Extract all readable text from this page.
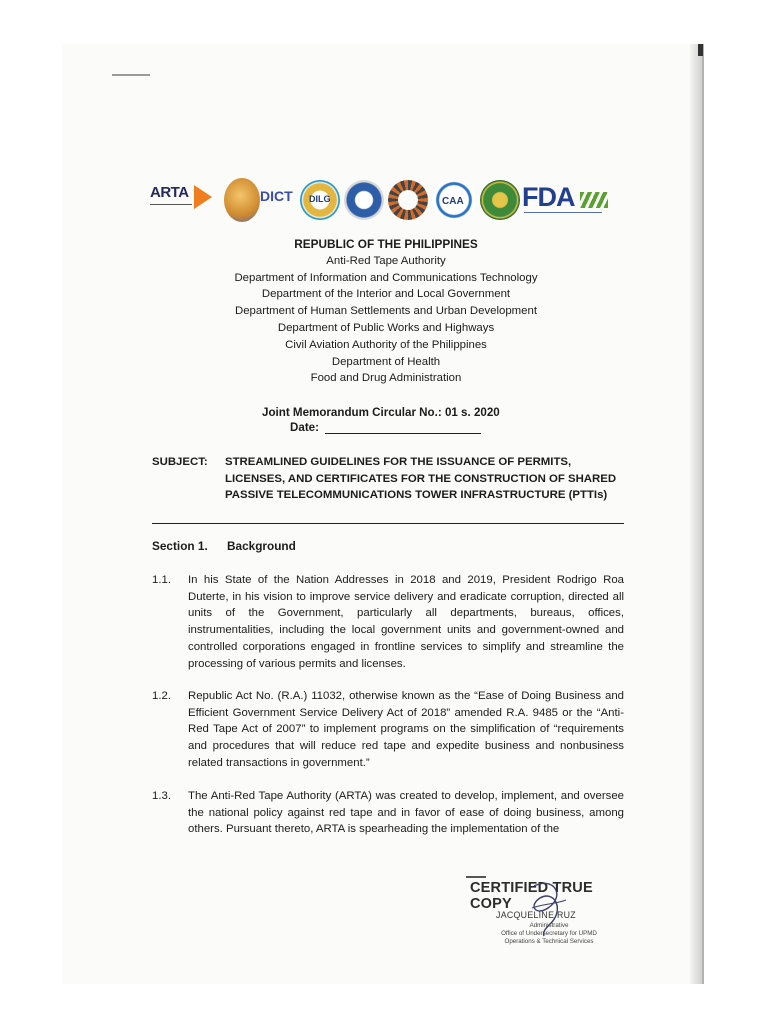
ARTA	DICT	DILG	CAA FDA
REPUBLIC OF THE PHILIPPINES
Anti-Red Tape Authority
Department of Information and Communications Technology
Department of the Interior and Local Government
Department of Human Settlements and Urban Development
Department of Public Works and Highways
Civil Aviation Authority of the Philippines
Department of Health
Food and Drug Administration
Joint Memorandum Circular No.: 01 s. 2020
Date:
SUBJECT: STREAMLINED GUIDELINES FOR THE ISSUANCE OF PERMITS, LICENSES, AND CERTIFICATES FOR THE CONSTRUCTION OF SHARED PASSIVE TELECOMMUNICATIONS TOWER INFRASTRUCTURE (PTTIs)
Section 1. Background
1.1. In his State of the Nation Addresses in 2018 and 2019, President Rodrigo Roa Duterte, in his vision to improve service delivery and eradicate corruption, directed all units of the Government, particularly all departments, bureaus, offices, instrumentalities, including the local government units and government-owned and controlled corporations engaged in frontline services to simplify and streamline the processing of various permits and licenses.
1.2. Republic Act No. (R.A.) 11032, otherwise known as the “Ease of Doing Business and Efficient Government Service Delivery Act of 2018” amended R.A. 9485 or the “Anti-Red Tape Act of 2007” to implement programs on the simplification of “requirements and procedures that will reduce red tape and expedite business and nonbusiness related transactions in government.”
1.3. The Anti-Red Tape Authority (ARTA) was created to develop, implement, and oversee the national policy against red tape and in favor of ease of doing business, among others. Pursuant thereto, ARTA is spearheading the implementation of the
CERTIFIED TRUE COPY
JACQUELINE RUZ
Administrative
Office of Undersecretary for UPMD
Operations & Technical Services
